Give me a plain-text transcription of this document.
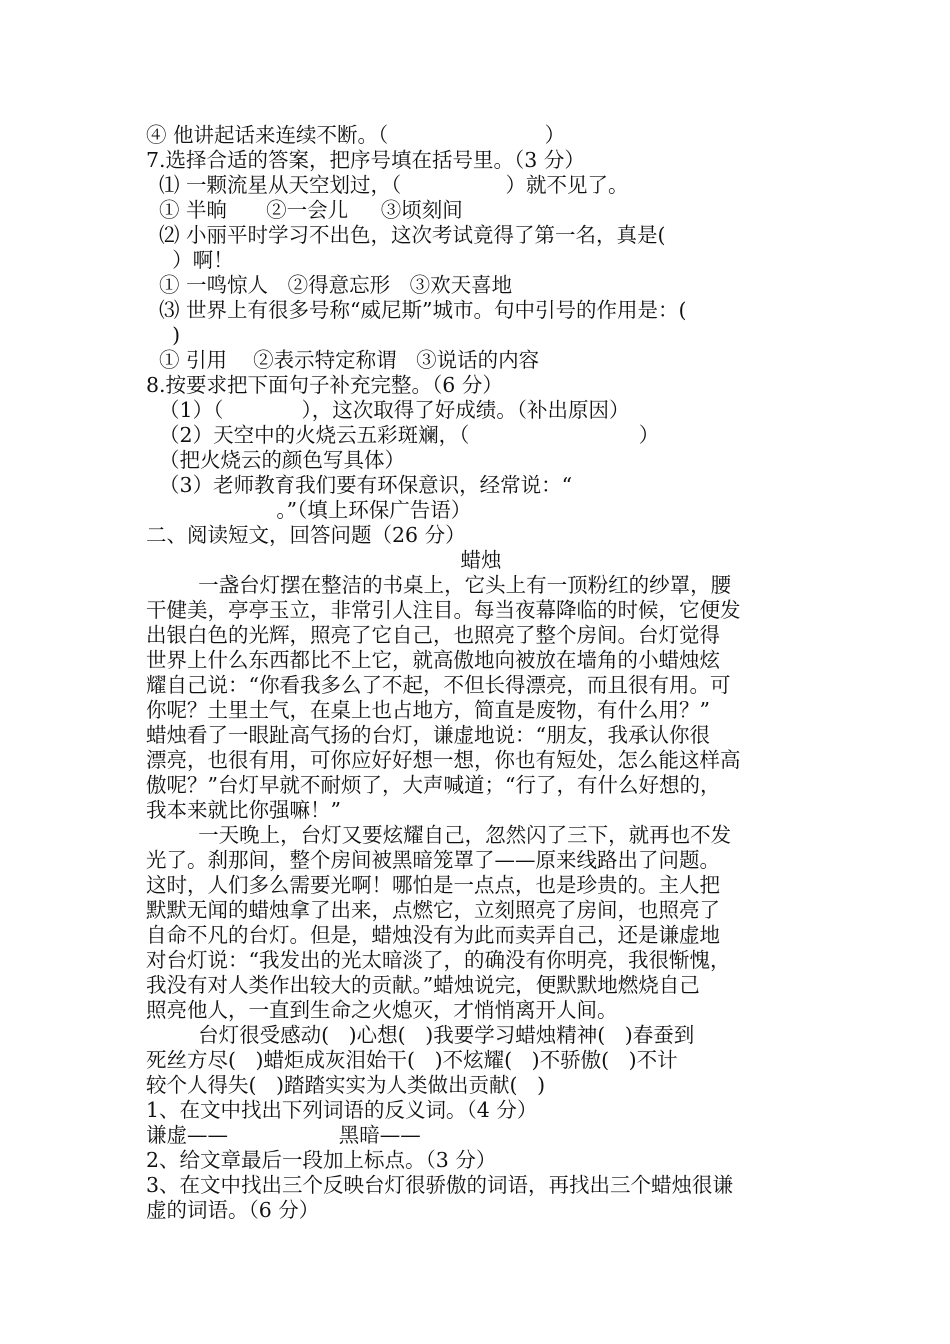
④ 他讲起话来连续不断。（                        ）
7.选择合适的答案，把序号填在括号里。（3 分）
⑴ 一颗流星从天空划过，（                ）就不见了。
① 半晌      ②一会儿     ③顷刻间
⑵ 小丽平时学习不出色，这次考试竟得了第一名，真是(
）啊！
① 一鸣惊人   ②得意忘形   ③欢天喜地
⑶ 世界上有很多号称“威尼斯”城市。句中引号的作用是：(
)
① 引用    ②表示特定称谓   ③说话的内容
8.按要求把下面句子补充完整。（6 分）
（1）（            ），这次取得了好成绩。（补出原因）
（2）天空中的火烧云五彩斑斓，（                          ）
（把火烧云的颜色写具体）
（3）老师教育我们要有环保意识，经常说：“
。”（填上环保广告语）
二、阅读短文，回答问题（26 分）
蜡烛
一盏台灯摆在整洁的书桌上，它头上有一顶粉红的纱罩，腰
干健美，亭亭玉立，非常引人注目。每当夜幕降临的时候，它便发
出银白色的光辉，照亮了它自己，也照亮了整个房间。台灯觉得
世界上什么东西都比不上它，就高傲地向被放在墙角的小蜡烛炫
耀自己说：“你看我多么了不起，不但长得漂亮，而且很有用。可
你呢？土里土气，在桌上也占地方，简直是废物，有什么用？”
蜡烛看了一眼趾高气扬的台灯，谦虚地说：“朋友，我承认你很
漂亮，也很有用，可你应好好想一想，你也有短处，怎么能这样高
傲呢？”台灯早就不耐烦了，大声喊道；“行了，有什么好想的，
我本来就比你强嘛！”
一天晚上，台灯又要炫耀自己，忽然闪了三下，就再也不发
光了。刹那间，整个房间被黑暗笼罩了——原来线路出了问题。
这时，人们多么需要光啊！哪怕是一点点，也是珍贵的。主人把
默默无闻的蜡烛拿了出来，点燃它，立刻照亮了房间，也照亮了
自命不凡的台灯。但是，蜡烛没有为此而卖弄自己，还是谦虚地
对台灯说：“我发出的光太暗淡了，的确没有你明亮，我很惭愧，
我没有对人类作出较大的贡献。”蜡烛说完，便默默地燃烧自己
照亮他人，一直到生命之火熄灭，才悄悄离开人间。
台灯很受感动(   )心想(   )我要学习蜡烛精神(   )春蚕到
死丝方尽(   )蜡炬成灰泪始干(   )不炫耀(   )不骄傲(   )不计
较个人得失(   )踏踏实实为人类做出贡献(   )
1、在文中找出下列词语的反义词。（4 分）
谦虚——                 黑暗——
2、给文章最后一段加上标点。（3 分）
3、在文中找出三个反映台灯很骄傲的词语，再找出三个蜡烛很谦
虚的词语。（6 分）
